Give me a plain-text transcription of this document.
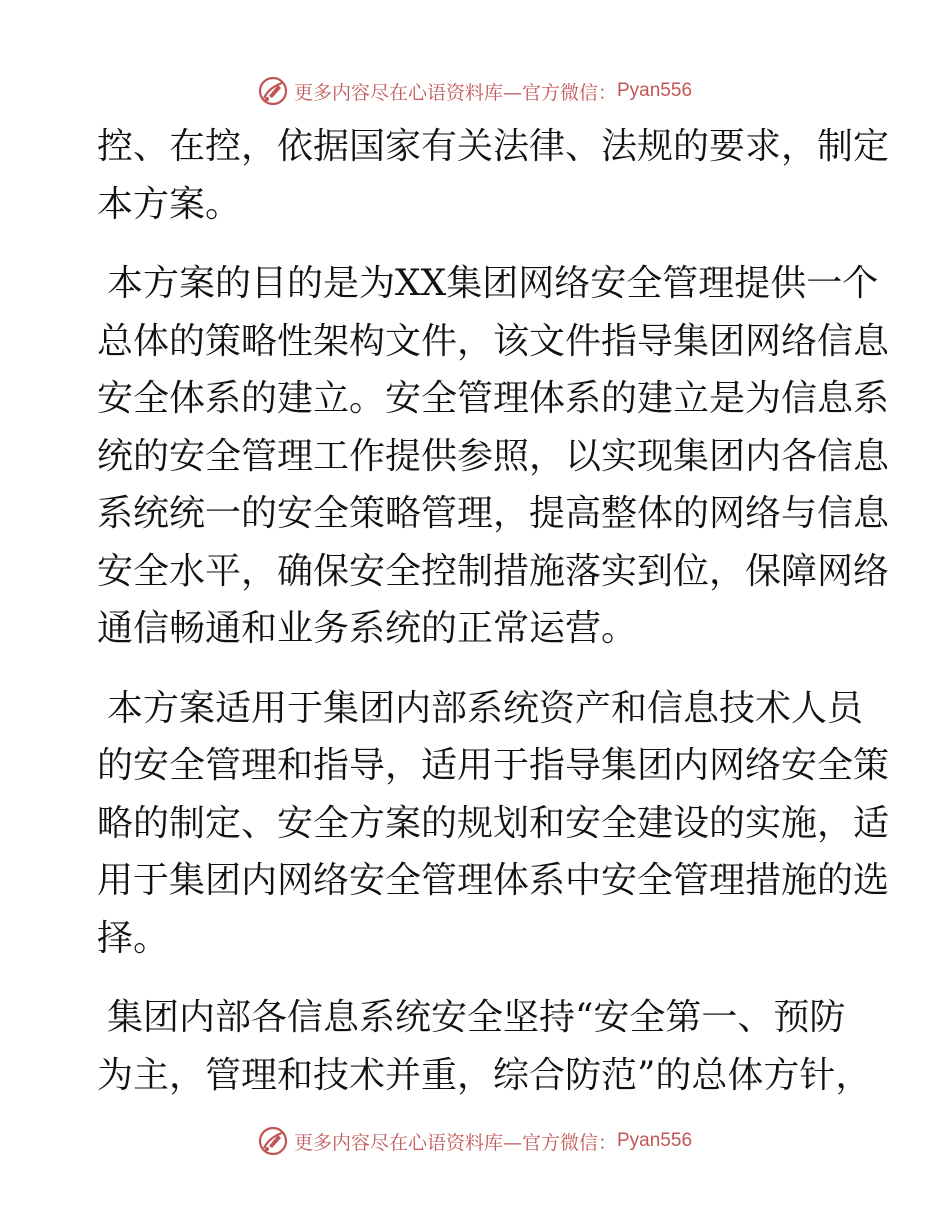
更多内容尽在心语资料库—官方微信： Pyan556
控、在控，依据国家有关法律、法规的要求，制定
本方案。
本方案的目的是为XX集团网络安全管理提供一个
总体的策略性架构文件，该文件指导集团网络信息
安全体系的建立。安全管理体系的建立是为信息系
统的安全管理工作提供参照，以实现集团内各信息
系统统一的安全策略管理，提高整体的网络与信息
安全水平，确保安全控制措施落实到位，保障网络
通信畅通和业务系统的正常运营。
本方案适用于集团内部系统资产和信息技术人员
的安全管理和指导，适用于指导集团内网络安全策
略的制定、安全方案的规划和安全建设的实施，适
用于集团内网络安全管理体系中安全管理措施的选
择。
集团内部各信息系统安全坚持“安全第一、预防
为主，管理和技术并重，综合防范”的总体方针，
更多内容尽在心语资料库—官方微信： Pyan556
